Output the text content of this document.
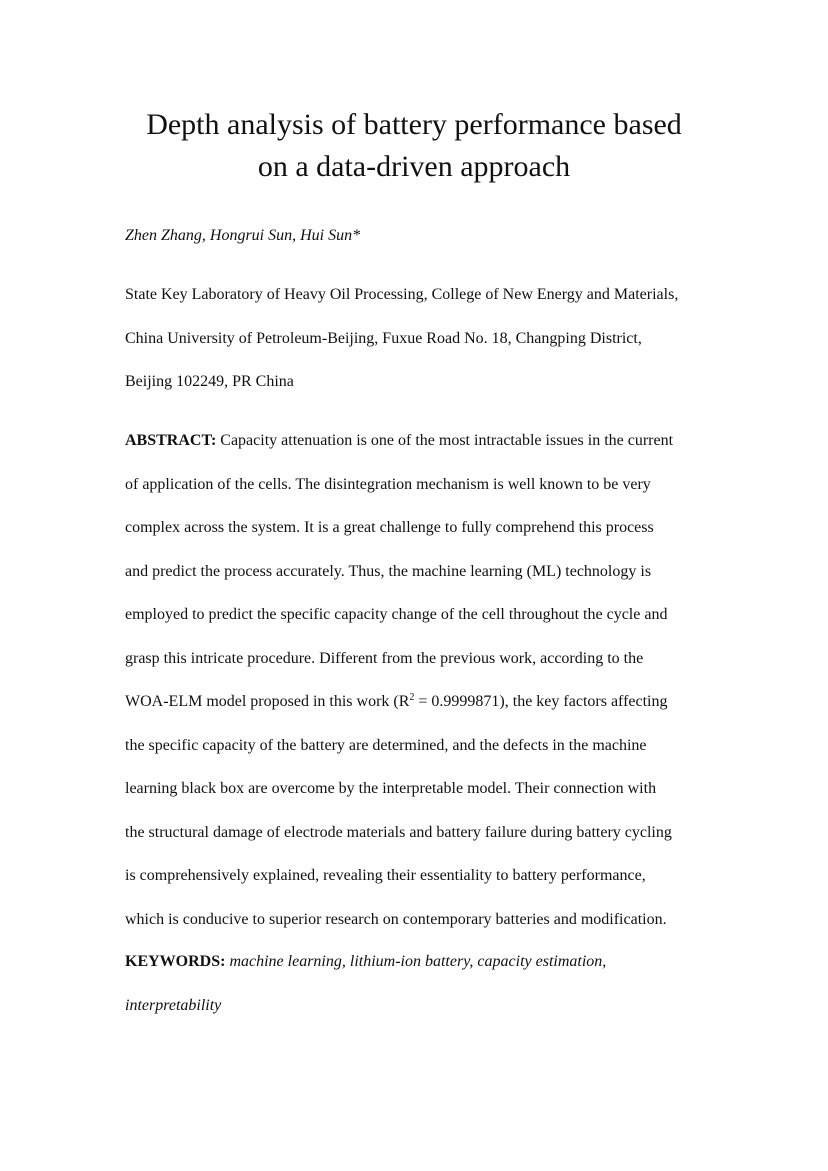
Depth analysis of battery performance based
on a data-driven approach

Zhen Zhang, Hongrui Sun, Hui Sun*

State Key Laboratory of Heavy Oil Processing, College of New Energy and Materials,
China University of Petroleum-Beijing, Fuxue Road No. 18, Changping District,
Beijing 102249, PR China

ABSTRACT: Capacity attenuation is one of the most intractable issues in the current
of application of the cells. The disintegration mechanism is well known to be very
complex across the system. It is a great challenge to fully comprehend this process
and predict the process accurately. Thus, the machine learning (ML) technology is
employed to predict the specific capacity change of the cell throughout the cycle and
grasp this intricate procedure. Different from the previous work, according to the
WOA-ELM model proposed in this work $(R^2 = 0.9999871)$, the key factors affecting
the specific capacity of the battery are determined, and the defects in the machine
learning black box are overcome by the interpretable model. Their connection with
the structural damage of electrode materials and battery failure during battery cycling
is comprehensively explained, revealing their essentiality to battery performance,
which is conducive to superior research on contemporary batteries and modification.
KEYWORDS: machine learning, lithium-ion battery, capacity estimation,
interpretability
